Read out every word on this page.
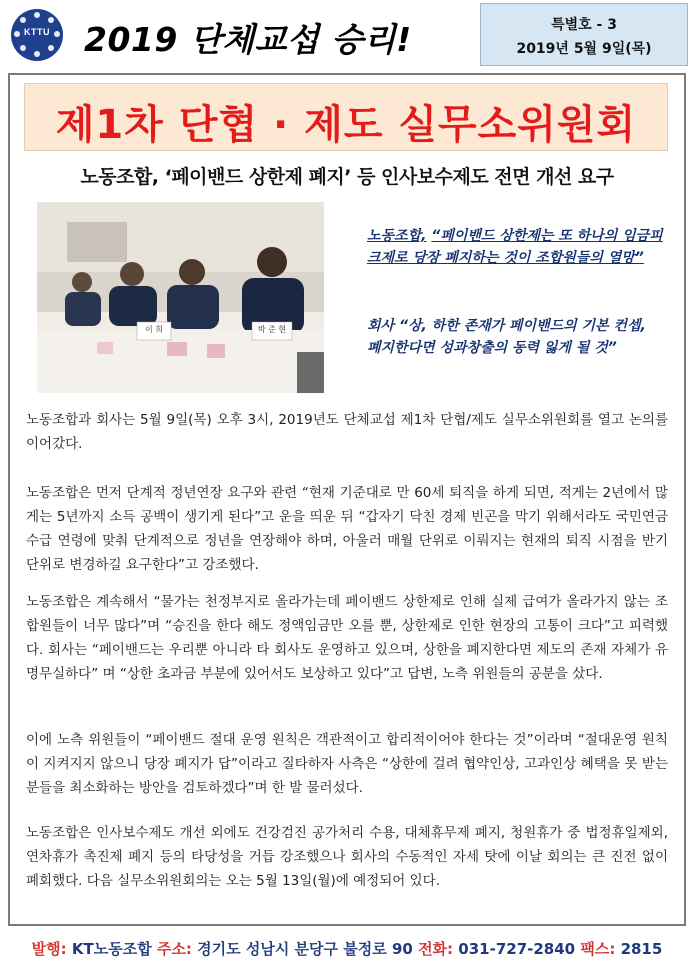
KTTU	2019 단체교섭 승리!	특별호 - 3
2019년 5월 9일(목)
제1차 단협 · 제도 실무소위원회
노동조합, ‘페이밴드 상한제 폐지’ 등 인사보수제도 전면 개선 요구
이 희	박 준 현
노동조합, “페이밴드 상한제는 또 하나의 임금피크제로 당장 폐지하는 것이 조합원들의 열망”
회사 “상, 하한 존재가 페이밴드의 기본 컨셉, 폐지한다면 성과창출의 동력 잃게 될 것”
노동조합과 회사는 5월 9일(목) 오후 3시, 2019년도 단체교섭 제1차 단협/제도 실무소위원회를 열고 논의를 이어갔다.
노동조합은 먼저 단계적 정년연장 요구와 관련 “현재 기준대로 만 60세 퇴직을 하게 되면, 적게는 2년에서 많게는 5년까지 소득 공백이 생기게 된다”고 운을 띄운 뒤 “갑자기 닥친 경제 빈곤을 막기 위해서라도 국민연금 수급 연령에 맞춰 단계적으로 정년을 연장해야 하며, 아울러 매월 단위로 이뤄지는 현재의 퇴직 시점을 반기 단위로 변경하길 요구한다”고 강조했다.
노동조합은 계속해서 “물가는 천정부지로 올라가는데 페이밴드 상한제로 인해 실제 급여가 올라가지 않는 조합원들이 너무 많다”며 “승진을 한다 해도 정액임금만 오를 뿐, 상한제로 인한 현장의 고통이 크다”고 피력했다. 회사는 “페이밴드는 우리뿐 아니라 타 회사도 운영하고 있으며, 상한을 폐지한다면 제도의 존재 자체가 유명무실하다” 며 “상한 초과금 부분에 있어서도 보상하고 있다”고 답변, 노측 위원들의 공분을 샀다.
이에 노측 위원들이 “페이밴드 절대 운영 원칙은 객관적이고 합리적이어야 한다는 것”이라며 “절대운영 원칙이 지켜지지 않으니 당장 폐지가 답”이라고 질타하자 사측은 “상한에 걸려 협약인상, 고과인상 혜택을 못 받는 분들을 최소화하는 방안을 검토하겠다”며 한 발 물러섰다.
노동조합은 인사보수제도 개선 외에도 건강검진 공가처리 수용, 대체휴무제 폐지, 청원휴가 중 법정휴일제외, 연차휴가 촉진제 폐지 등의 타당성을 거듭 강조했으나 회사의 수동적인 자세 탓에 이날 회의는 큰 진전 없이 폐회했다. 다음 실무소위원회의는 오는 5월 13일(월)에 예정되어 있다.
발행: KT노동조합 주소: 경기도 성남시 분당구 불정로 90 전화: 031-727-2840 팩스: 2815
